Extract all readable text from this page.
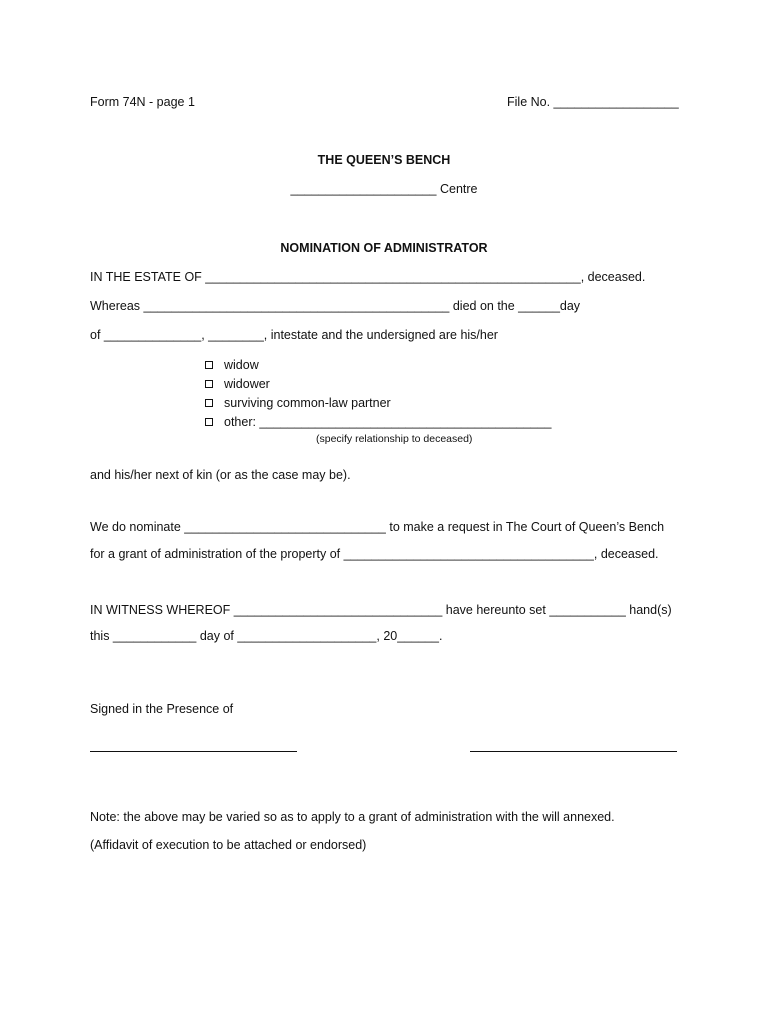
Form 74N - page 1	File No. __________________
THE QUEEN’S BENCH
_____________________ Centre
NOMINATION OF ADMINISTRATOR
IN THE ESTATE OF ______________________________________________________, deceased.
Whereas ____________________________________________ died on the ______day
of ______________, ________, intestate and the undersigned are his/her
widow
widower
surviving common-law partner
other: __________________________________________
(specify relationship to deceased)
and his/her next of kin (or as the case may be).
We do nominate _____________________________ to make a request in The Court of Queen’s Bench
for a grant of administration of the property of ____________________________________, deceased.
IN WITNESS WHEREOF ______________________________ have hereunto set ___________ hand(s)
this ____________ day of ____________________, 20______.
Signed in the Presence of
Note: the above may be varied so as to apply to a grant of administration with the will annexed.
(Affidavit of execution to be attached or endorsed)
